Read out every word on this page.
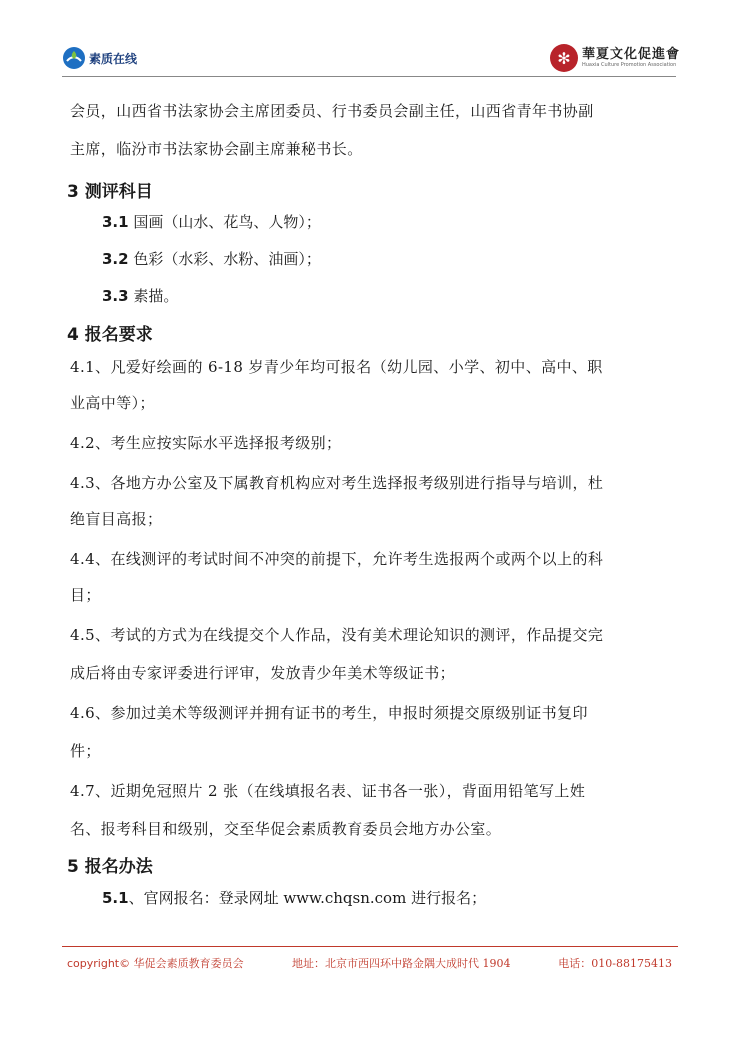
素质在线	✻ 華夏文化促進會
Huaxia Culture Promotion Association
会员，山西省书法家协会主席团委员、行书委员会副主任，山西省青年书协副
主席，临汾市书法家协会副主席兼秘书长。
3 测评科目
3.1 国画（山水、花鸟、人物）；
3.2 色彩（水彩、水粉、油画）；
3.3 素描。
4 报名要求
4.1、凡爱好绘画的 6-18 岁青少年均可报名（幼儿园、小学、初中、高中、职
业高中等）；
4.2、考生应按实际水平选择报考级别；
4.3、各地方办公室及下属教育机构应对考生选择报考级别进行指导与培训，杜
绝盲目高报；
4.4、在线测评的考试时间不冲突的前提下，允许考生选报两个或两个以上的科
目；
4.5、考试的方式为在线提交个人作品，没有美术理论知识的测评，作品提交完
成后将由专家评委进行评审，发放青少年美术等级证书；
4.6、参加过美术等级测评并拥有证书的考生，申报时须提交原级别证书复印
件；
4.7、近期免冠照片 2 张（在线填报名表、证书各一张），背面用铅笔写上姓
名、报考科目和级别，交至华促会素质教育委员会地方办公室。
5 报名办法
5.1、官网报名：登录网址 www.chqsn.com 进行报名；
copyright© 华促会素质教育委员会	地址：北京市西四环中路金隅大成时代 1904	电话：010-88175413
